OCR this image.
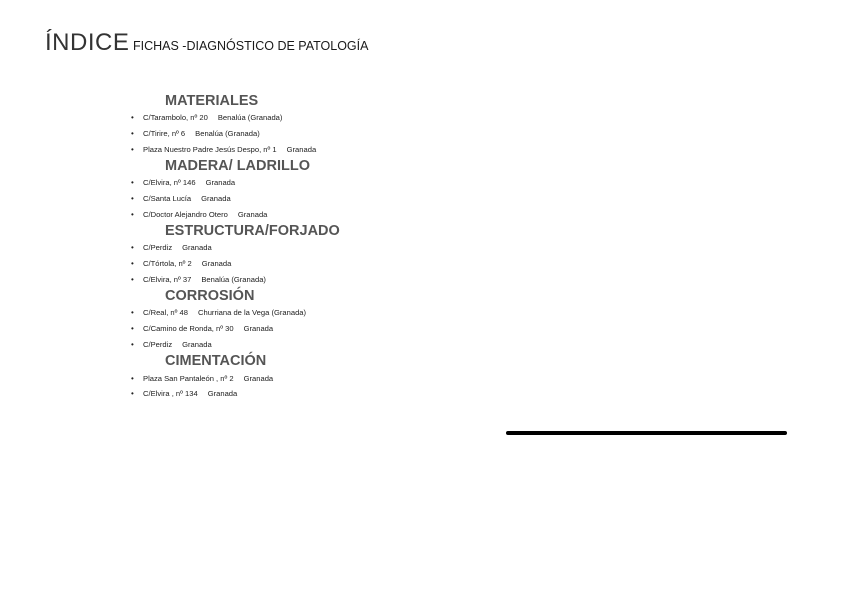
ÍNDICE FICHAS -DIAGNÓSTICO DE PATOLOGÍA
MATERIALES
• C/Tarambolo, nº 20 Benalúa (Granada)
• C/Tirire, nº 6 Benalúa (Granada)
• Plaza Nuestro Padre Jesús Despo, nº 1 Granada
MADERA/ LADRILLO
• C/Elvira, nº 146 Granada
• C/Santa Lucía Granada
• C/Doctor Alejandro Otero Granada
ESTRUCTURA/FORJADO
• C/Perdiz Granada
• C/Tórtola, nº 2 Granada
• C/Elvira, nº 37 Benalúa (Granada)
CORROSIÓN
• C/Real, nº 48 Churriana de la Vega (Granada)
• C/Camino de Ronda, nº 30 Granada
• C/Perdiz Granada
CIMENTACIÓN
• Plaza San Pantaleón , nº 2 Granada
• C/Elvira , nº 134 Granada
